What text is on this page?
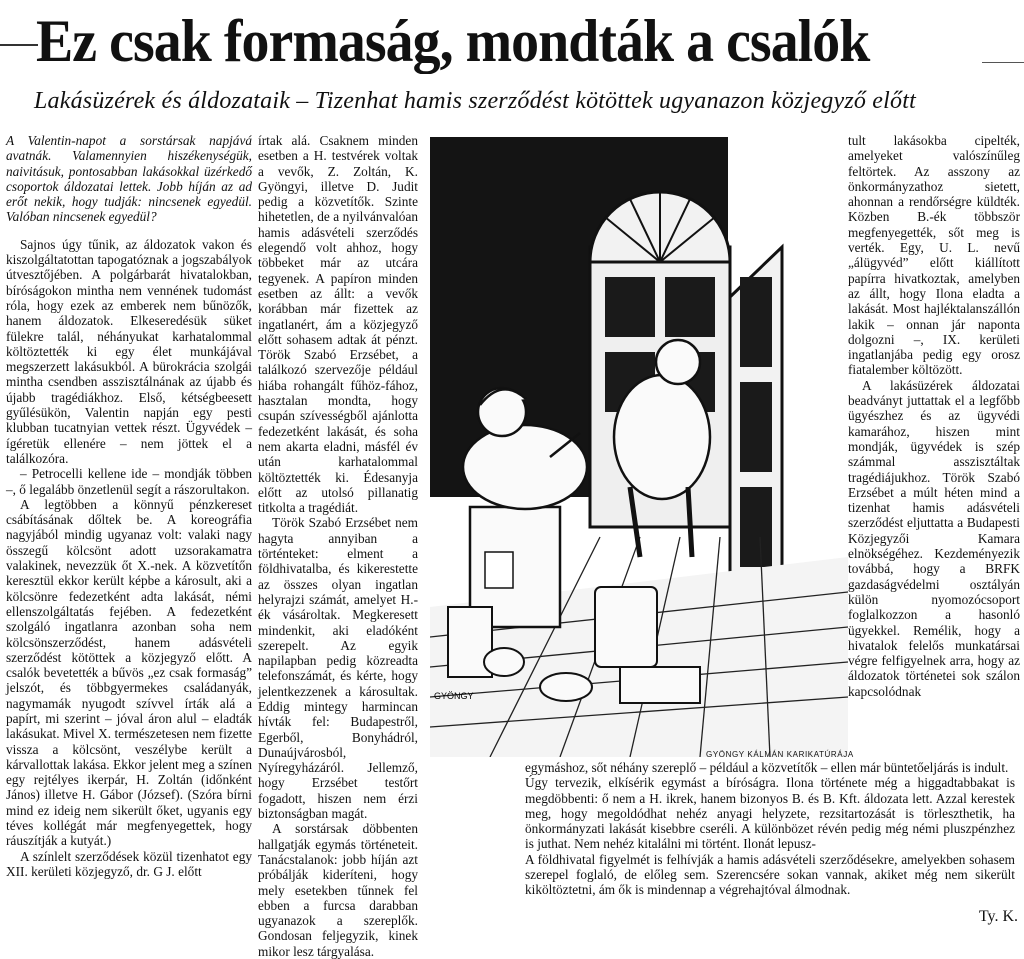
Ez csak formaság, mondták a csalók
Lakásüzérek és áldozataik – Tizenhat hamis szerződést kötöttek ugyanazon közjegyző előtt

A Valentin-napot a sorstársak napjává avatnák. Valamennyien hiszékenységük, naivitásuk, pontosabban lakásokkal üzérkedő csoportok áldozatai lettek. Jobb híján az ad erőt nekik, hogy tudják: nincsenek egyedül. Valóban nincsenek egyedül?

Sajnos úgy tűnik, az áldozatok vakon és kiszolgáltatottan tapogatóznak a jogszabályok útvesztőjében. A polgárbarát hivatalokban, bíróságokon mintha nem vennének tudomást róla, hogy ezek az emberek nem bűnözők, hanem áldozatok. Elkeseredésük süket fülekre talál, néhányukat karhatalommal költöztették ki egy élet munkájával megszerzett lakásukból. A bürokrácia szolgái mintha csendben asszisztálnának az újabb és újabb tragédiákhoz. Első, kétségbeesett gyűlésükön, Valentin napján egy pesti klubban tucatnyian vettek részt. Ügyvédek – ígéretük ellenére – nem jöttek el a találkozóra.

– Petrocelli kellene ide – mondják többen –, ő legalább önzetlenül segít a rászorultakon.

A legtöbben a könnyű pénzkereset csábításának dőltek be. A koreográfia nagyjából mindig ugyanaz volt: valaki nagy összegű kölcsönt adott uzsorakamatra valakinek, nevezzük őt X.-nek. A közvetítőn keresztül ekkor került képbe a károsult, aki a kölcsönre fedezetként adta lakását, némi ellenszolgáltatás fejében. A fedezetként szolgáló ingatlanra azonban soha nem kölcsönszerződést, hanem adásvételi szerződést kötöttek a közjegyző előtt. A csalók bevetették a bűvös „ez csak formaság” jelszót, és többgyermekes családanyák, nagymamák nyugodt szívvel írták alá a papírt, mi szerint – jóval áron alul – eladták lakásukat. Mivel X. természetesen nem fizette vissza a kölcsönt, veszélybe került a kárvallottak lakása. Ekkor jelent meg a színen egy rejtélyes ikerpár, H. Zoltán (időnként János) illetve H. Gábor (József). (Szóra bírni mind ez ideig nem sikerült őket, ugyanis egy téves kollégát már megfenyegettek, hogy ráuszítják a kutyát.)

A színlelt szerződések közül tizenhatot egy XII. kerületi közjegyző, dr. G J. előtt

írtak alá. Csaknem minden esetben a H. testvérek voltak a vevők, Z. Zoltán, K. Gyöngyi, illetve D. Judit pedig a közvetítők. Szinte hihetetlen, de a nyilvánvalóan hamis adásvételi szerződés elegendő volt ahhoz, hogy többeket már az utcára tegyenek. A papíron minden esetben az állt: a vevők korábban már fizettek az ingatlanért, ám a közjegyző előtt sohasem adtak át pénzt. Török Szabó Erzsébet, a találkozó szervezője például hiába rohangált fűhöz-fához, hasztalan mondta, hogy csupán szívességből ajánlotta fedezetként lakását, és soha nem akarta eladni, másfél év után karhatalommal költöztették ki. Édesanyja előtt az utolsó pillanatig titkolta a tragédiát.

Török Szabó Erzsébet nem hagyta annyiban a történteket: elment a földhivatalba, és kikerestette az összes olyan ingatlan helyrajzi számát, amelyet H.-ék vásároltak. Megkeresett mindenkit, aki eladóként szerepelt. Az egyik napilapban pedig közreadta telefonszámát, és kérte, hogy jelentkezzenek a károsultak. Eddig mintegy harmincan hívták fel: Budapestről, Egerből, Bonyhádról, Dunaújvárosból, Nyíregyházáról. Jellemző, hogy Erzsébet testőrt fogadott, hiszen nem érzi biztonságban magát.

A sorstársak döbbenten hallgatják egymás történeteit. Tanácstalanok: jobb híján azt próbálják kideríteni, hogy mely esetekben tűnnek fel ebben a furcsa darabban ugyanazok a szereplők. Gondosan feljegyzik, kinek mikor lesz tárgyalása.

GYÖNGY
GYÖNGY KÁLMÁN KARIKATÚRÁJA

tult lakásokba cipelték, amelyeket valószínűleg feltörtek. Az asszony az önkormányzathoz sietett, ahonnan a rendőrségre küldték. Közben B.-ék többször megfenyegették, sőt meg is verték. Egy, U. L. nevű „álügyvéd” előtt kiállított papírra hivatkoztak, amelyben az állt, hogy Ilona eladta a lakását. Most hajléktalanszállón lakik – onnan jár naponta dolgozni –, IX. kerületi ingatlanjába pedig egy orosz fiatalember költözött.

A lakásüzérek áldozatai beadványt juttattak el a legfőbb ügyészhez és az ügyvédi kamarához, hiszen mint mondják, ügyvédek is szép számmal asszisztáltak tragédiájukhoz. Török Szabó Erzsébet a múlt héten mind a tizenhat hamis adásvételi szerződést eljuttatta a Budapesti Közjegyzői Kamara elnökségéhez. Kezdeményezik továbbá, hogy a BRFK gazdaságvédelmi osztályán külön nyomozócsoport foglalkozzon a hasonló ügyekkel. Remélik, hogy a hivatalok felelős munkatársai végre felfigyelnek arra, hogy az áldozatok történetei sok szálon kapcsolódnak

egymáshoz, sőt néhány szereplő – például a közvetítők – ellen már büntetőeljárás is indult.

Úgy tervezik, elkísérik egymást a bíróságra. Ilona története még a higgadtabbakat is megdöbbenti: ő nem a H. ikrek, hanem bizonyos B. és B. Kft. áldozata lett. Azzal kerestek meg, hogy megoldódhat nehéz anyagi helyzete, rezsitartozását is törleszthetik, ha önkormányzati lakását kisebbre cseréli. A különbözet révén pedig még némi pluszpénzhez is juthat. Nem nehéz kitalálni mi történt. Ilonát lepusz-

A földhivatal figyelmét is felhívják a hamis adásvételi szerződésekre, amelyekben sohasem szerepel foglaló, de előleg sem. Szerencsére sokan vannak, akiket még nem sikerült kiköltöztetni, ám ők is mindennap a végrehajtóval álmodnak.

Ty. K.
